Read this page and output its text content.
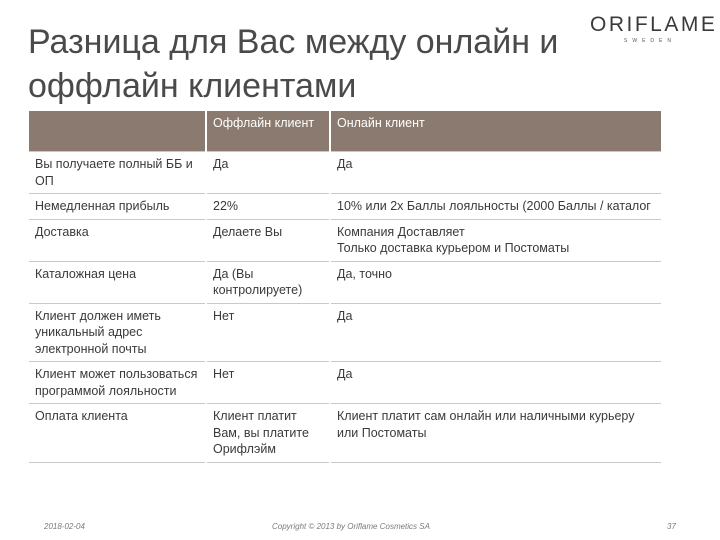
Разница для Вас между онлайн и
оффлайн клиентами
ORIFLAME
SWEDEN
	Оффлайн клиент	Онлайн клиент
Вы получаете полный ББ и ОП	Да	Да
Немедленная прибыль	22%	10% или 2х Баллы лояльносты (2000 Баллы / каталог
Доставка	Делаете Вы	Компания Доставляет
Только доставка курьером и Постоматы
Каталожная цена	Да (Вы контролируете)	Да, точно
Клиент должен иметь уникальный адрес электронной почты	Нет	Да
Клиент может пользоваться программой лояльности	Нет	Да
Оплата клиента	Клиент платит Вам, вы платите Орифлэйм	Клиент платит сам онлайн или наличными курьеру или Постоматы
2018-02-04	Copyright © 2013 by Oriflame Cosmetics SA	37
